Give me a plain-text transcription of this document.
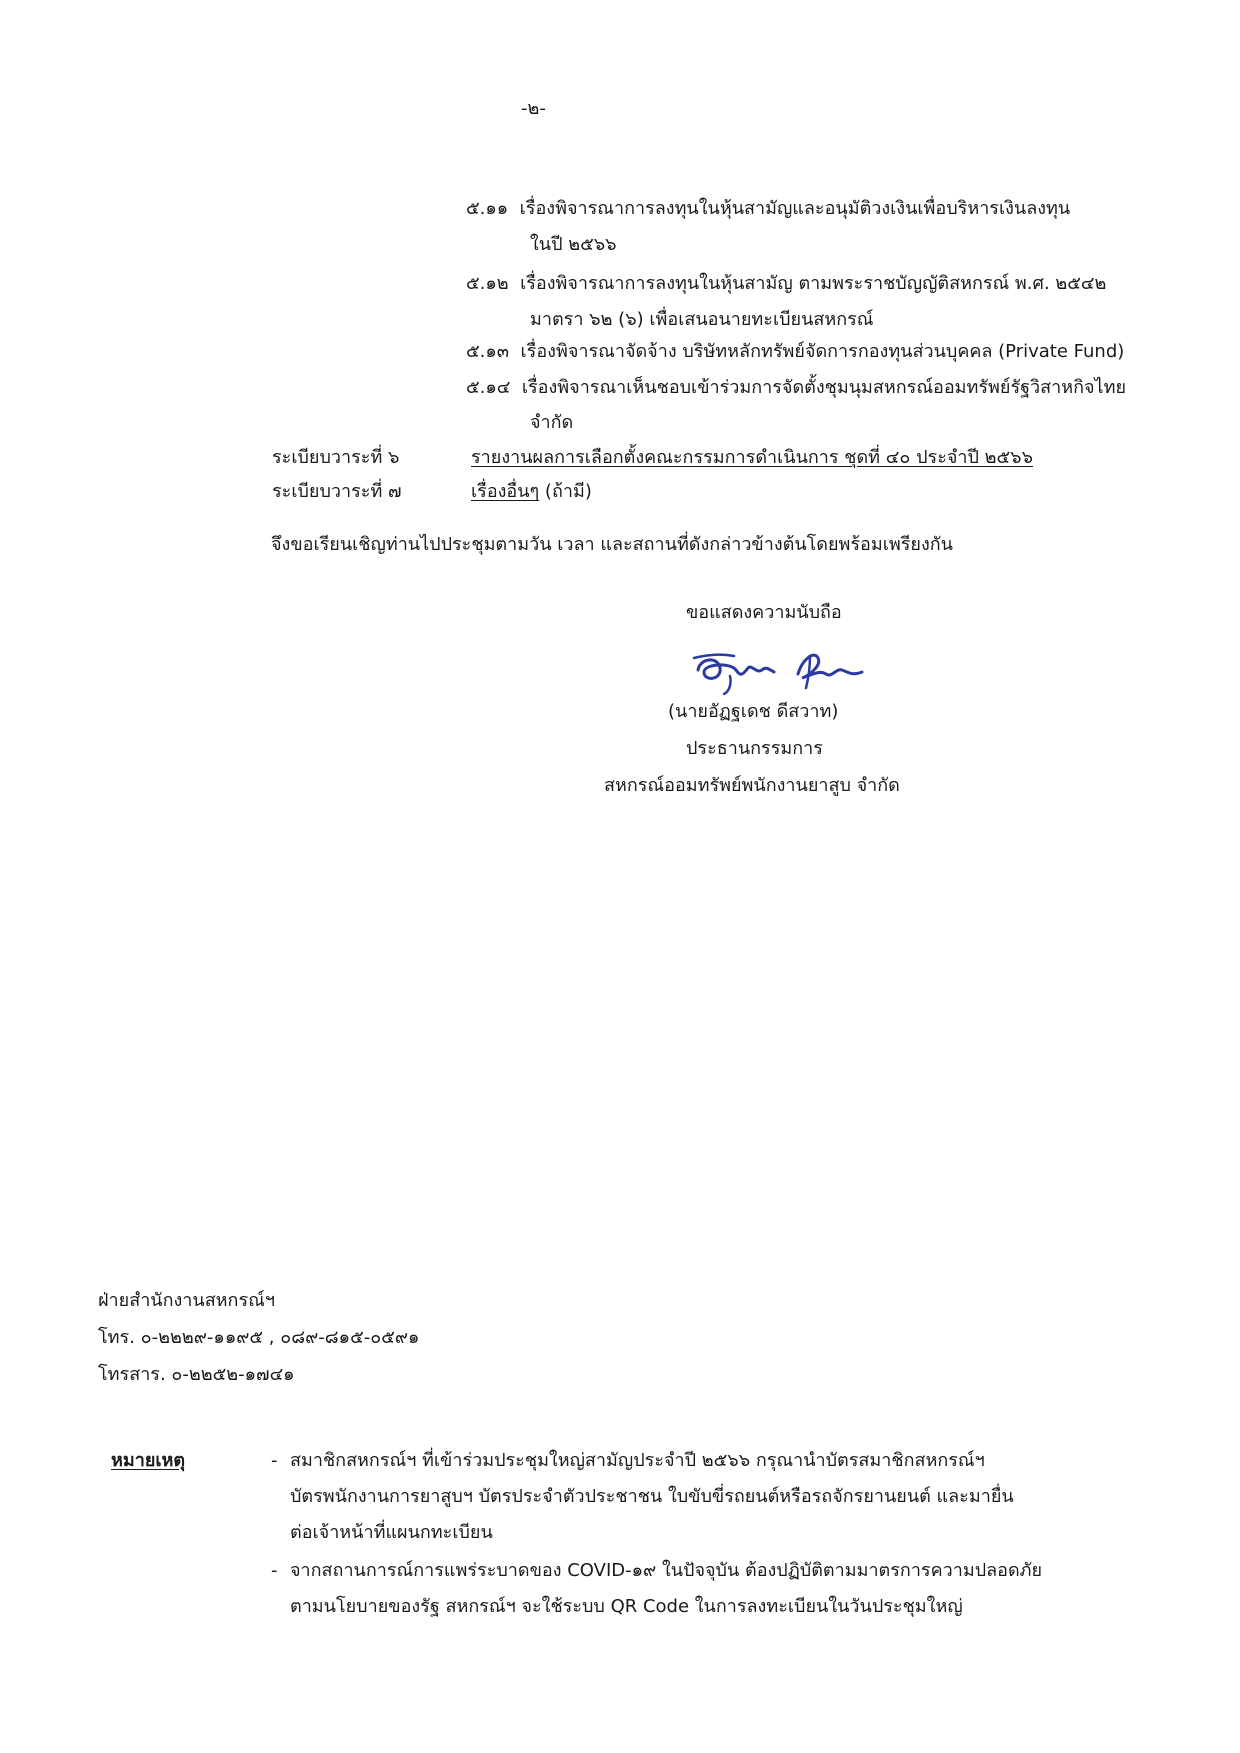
-๒-
๕.๑๑ เรื่องพิจารณาการลงทุนในหุ้นสามัญและอนุมัติวงเงินเพื่อบริหารเงินลงทุน
ในปี ๒๕๖๖
๕.๑๒ เรื่องพิจารณาการลงทุนในหุ้นสามัญ ตามพระราชบัญญัติสหกรณ์ พ.ศ. ๒๕๔๒
มาตรา ๖๒ (๖) เพื่อเสนอนายทะเบียนสหกรณ์
๕.๑๓ เรื่องพิจารณาจัดจ้าง บริษัทหลักทรัพย์จัดการกองทุนส่วนบุคคล (Private Fund)
๕.๑๔ เรื่องพิจารณาเห็นชอบเข้าร่วมการจัดตั้งชุมนุมสหกรณ์ออมทรัพย์รัฐวิสาหกิจไทย
จำกัด
ระเบียบวาระที่ ๖	รายงานผลการเลือกตั้งคณะกรรมการดำเนินการ ชุดที่ ๔๐ ประจำปี ๒๕๖๖
ระเบียบวาระที่ ๗	เรื่องอื่นๆ (ถ้ามี)
จึงขอเรียนเชิญท่านไปประชุมตามวัน เวลา และสถานที่ดังกล่าวข้างต้นโดยพร้อมเพรียงกัน
ขอแสดงความนับถือ
(นายอัฏฐเดช ดีสวาท)
ประธานกรรมการ
สหกรณ์ออมทรัพย์พนักงานยาสูบ จำกัด
ฝ่ายสำนักงานสหกรณ์ฯ
โทร. ๐-๒๒๒๙-๑๑๙๕ , ๐๘๙-๘๑๕-๐๕๙๑
โทรสาร. ๐-๒๒๕๒-๑๗๔๑
หมายเหตุ	- สมาชิกสหกรณ์ฯ ที่เข้าร่วมประชุมใหญ่สามัญประจำปี ๒๕๖๖ กรุณานำบัตรสมาชิกสหกรณ์ฯ
บัตรพนักงานการยาสูบฯ บัตรประจำตัวประชาชน ใบขับขี่รถยนต์หรือรถจักรยานยนต์ และมายื่น
ต่อเจ้าหน้าที่แผนกทะเบียน
- จากสถานการณ์การแพร่ระบาดของ COVID-๑๙ ในปัจจุบัน ต้องปฏิบัติตามมาตรการความปลอดภัย
ตามนโยบายของรัฐ สหกรณ์ฯ จะใช้ระบบ QR Code ในการลงทะเบียนในวันประชุมใหญ่
